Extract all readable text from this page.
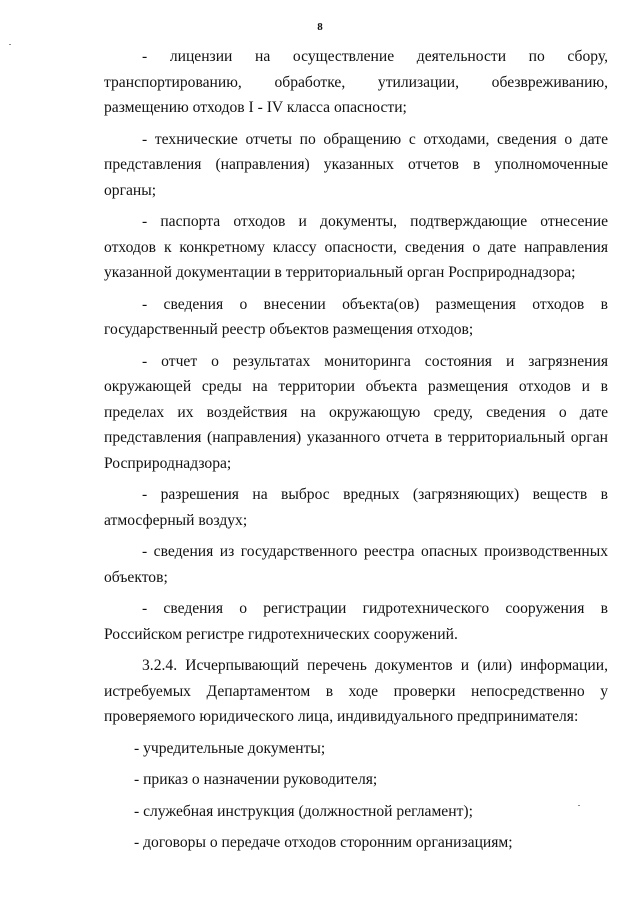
8

- лицензии на осуществление деятельности по сбору, транспортированию, обработке, утилизации, обезвреживанию, размещению отходов I - IV класса опасности;

- технические отчеты по обращению с отходами, сведения о дате представления (направления) указанных отчетов в уполномоченные органы;

- паспорта отходов и документы, подтверждающие отнесение отходов к конкретному классу опасности, сведения о дате направления указанной документации в территориальный орган Росприроднадзора;

- сведения о внесении объекта(ов) размещения отходов в государственный реестр объектов размещения отходов;

- отчет о результатах мониторинга состояния и загрязнения окружающей среды на территории объекта размещения отходов и в пределах их воздействия на окружающую среду, сведения о дате представления (направления) указанного отчета в территориальный орган Росприроднадзора;

- разрешения на выброс вредных (загрязняющих) веществ в атмосферный воздух;

- сведения из государственного реестра опасных производственных объектов;

- сведения о регистрации гидротехнического сооружения в Российском регистре гидротехнических сооружений.

3.2.4. Исчерпывающий перечень документов и (или) информации, истребуемых Департаментом в ходе проверки непосредственно у проверяемого юридического лица, индивидуального предпринимателя:

- учредительные документы;

- приказ о назначении руководителя;

- служебная инструкция (должностной регламент);

- договоры о передаче отходов сторонним организациям;
